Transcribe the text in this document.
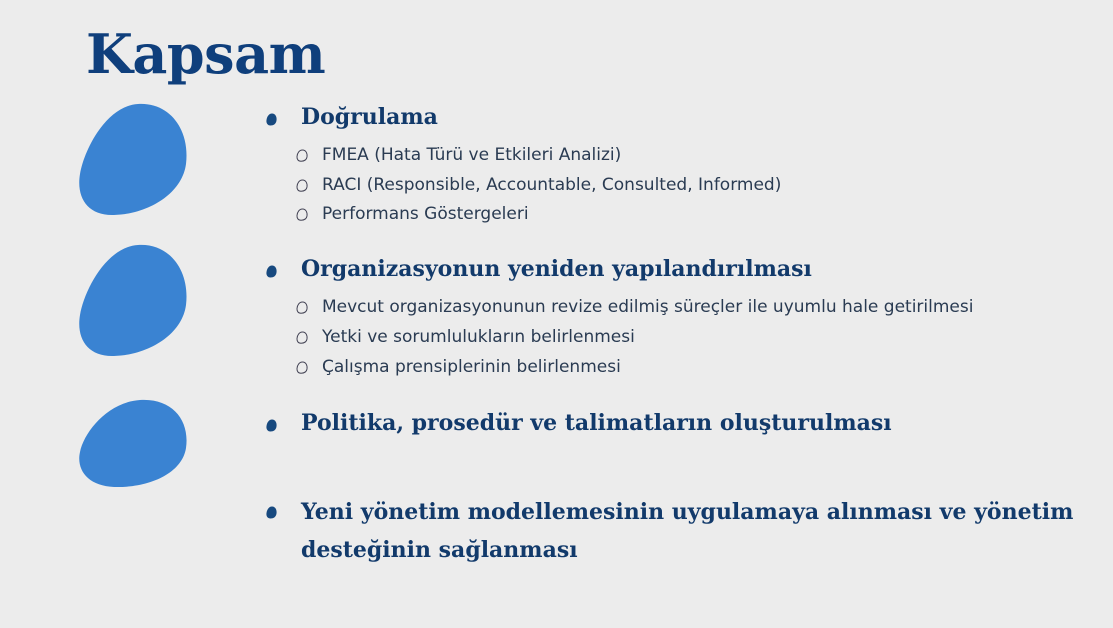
Kapsam
Doğrulama
FMEA (Hata Türü ve Etkileri Analizi)
RACI (Responsible, Accountable, Consulted, Informed)
Performans Göstergeleri
Organizasyonun yeniden yapılandırılması
Mevcut organizasyonunun revize edilmiş süreçler ile uyumlu hale getirilmesi
Yetki ve sorumlulukların belirlenmesi
Çalışma prensiplerinin belirlenmesi
Politika, prosedür ve talimatların oluşturulması
Yeni yönetim modellemesinin uygulamaya alınması ve yönetim desteğinin sağlanması
